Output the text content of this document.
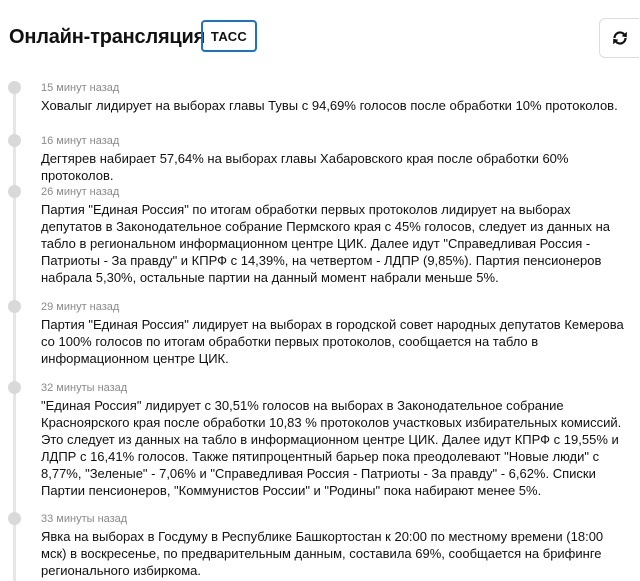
Онлайн-трансляция ТАСС
15 минут назад

Ховалыг лидирует на выборах главы Тувы с 94,69% голосов после обработки 10% протоколов.

16 минут назад

Дегтярев набирает 57,64% на выборах главы Хабаровского края после обработки 60% протоколов.

26 минут назад

Партия "Единая Россия" по итогам обработки первых протоколов лидирует на выборах депутатов в Законодательное собрание Пермского края с 45% голосов, следует из данных на табло в региональном информационном центре ЦИК. Далее идут "Справедливая Россия - Патриоты - За правду" и КПРФ с 14,39%, на четвертом - ЛДПР (9,85%). Партия пенсионеров набрала 5,30%, остальные партии на данный момент набрали меньше 5%.

29 минут назад

Партия "Единая Россия" лидирует на выборах в городской совет народных депутатов Кемерова со 100% голосов по итогам обработки первых протоколов, сообщается на табло в информационном центре ЦИК.

32 минуты назад

"Единая Россия" лидирует с 30,51% голосов на выборах в Законодательное собрание Красноярского края после обработки 10,83 % протоколов участковых избирательных комиссий. Это следует из данных на табло в информационном центре ЦИК. Далее идут КПРФ с 19,55% и ЛДПР с 16,41% голосов. Также пятипроцентный барьер пока преодолевают "Новые люди" с 8,77%, "Зеленые" - 7,06% и "Справедливая Россия - Патриоты - За правду" - 6,62%. Списки Партии пенсионеров, "Коммунистов России" и "Родины" пока набирают менее 5%.

33 минуты назад

Явка на выборах в Госдуму в Республике Башкортостан к 20:00 по местному времени (18:00 мск) в воскресенье, по предварительным данным, составила 69%, сообщается на брифинге регионального избиркома.
